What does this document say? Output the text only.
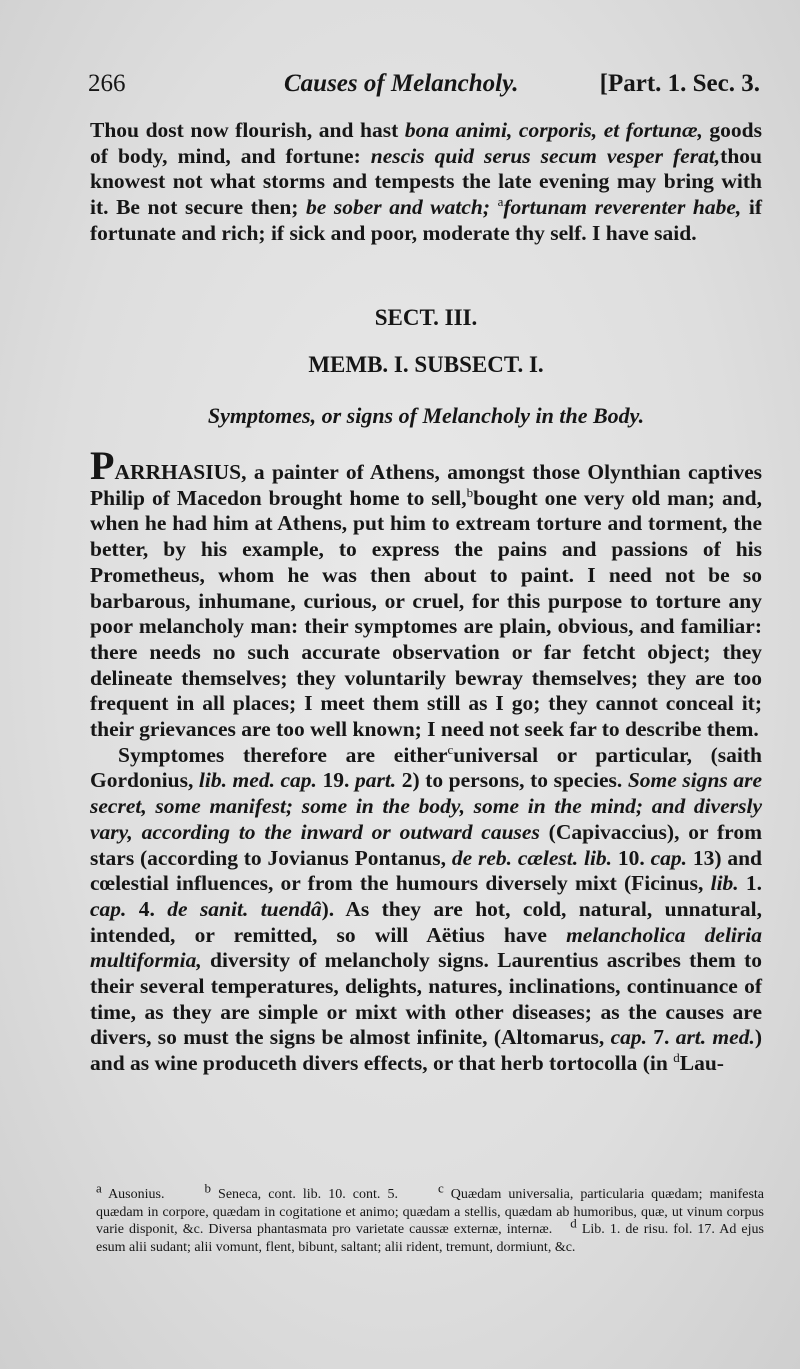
266	Causes of Melancholy.	[Part. 1. Sec. 3.

Thou dost now flourish, and hast bona animi, corporis, et fortunæ, goods of body, mind, and fortune: nescis quid serus secum vesper ferat,thou knowest not what storms and tempests the late evening may bring with it. Be not secure then; be sober and watch; $^a$fortunam reverenter habe, if fortunate and rich; if sick and poor, moderate thy self. I have said.

SECT. III.
MEMB. I. SUBSECT. I.
Symptomes, or signs of Melancholy in the Body.

PARRHASIUS, a painter of Athens, amongst those Olynthian captives Philip of Macedon brought home to sell,$^b$bought one very old man; and, when he had him at Athens, put him to extream torture and torment, the better, by his example, to express the pains and passions of his Prometheus, whom he was then about to paint. I need not be so barbarous, inhumane, curious, or cruel, for this purpose to torture any poor melancholy man: their symptomes are plain, obvious, and familiar: there needs no such accurate observation or far fetcht object; they delineate themselves; they voluntarily bewray themselves; they are too frequent in all places; I meet them still as I go; they cannot conceal it; their grievances are too well known; I need not seek far to describe them.

Symptomes therefore are either$^c$universal or particular, (saith Gordonius, lib. med. cap. 19. part. 2) to persons, to species. Some signs are secret, some manifest; some in the body, some in the mind; and diversly vary, according to the inward or outward causes (Capivaccius), or from stars (according to Jovianus Pontanus, de reb. cælest. lib. 10. cap. 13) and cœlestial influences, or from the humours diversely mixt (Ficinus, lib. 1. cap. 4. de sanit. tuendâ). As they are hot, cold, natural, unnatural, intended, or remitted, so will Aëtius have melancholica deliria multiformia, diversity of melancholy signs. Laurentius ascribes them to their several temperatures, delights, natures, inclinations, continuance of time, as they are simple or mixt with other diseases; as the causes are divers, so must the signs be almost infinite, (Altomarus, cap. 7. art. med.) and as wine produceth divers effects, or that herb tortocolla (in $^d$Lau-

$^a$ Ausonius.	$^b$ Seneca, cont. lib. 10. cont. 5.	$^c$ Quædam universalia, particularia quædam; manifesta quædam in corpore, quædam in cogitatione et animo; quædam a stellis, quædam ab humoribus, quæ, ut vinum corpus varie disponit, &c. Diversa phantasmata pro varietate caussæ externæ, internæ. $^d$ Lib. 1. de risu. fol. 17. Ad ejus esum alii sudant; alii vomunt, flent, bibunt, saltant; alii rident, tremunt, dormiunt, &c.
